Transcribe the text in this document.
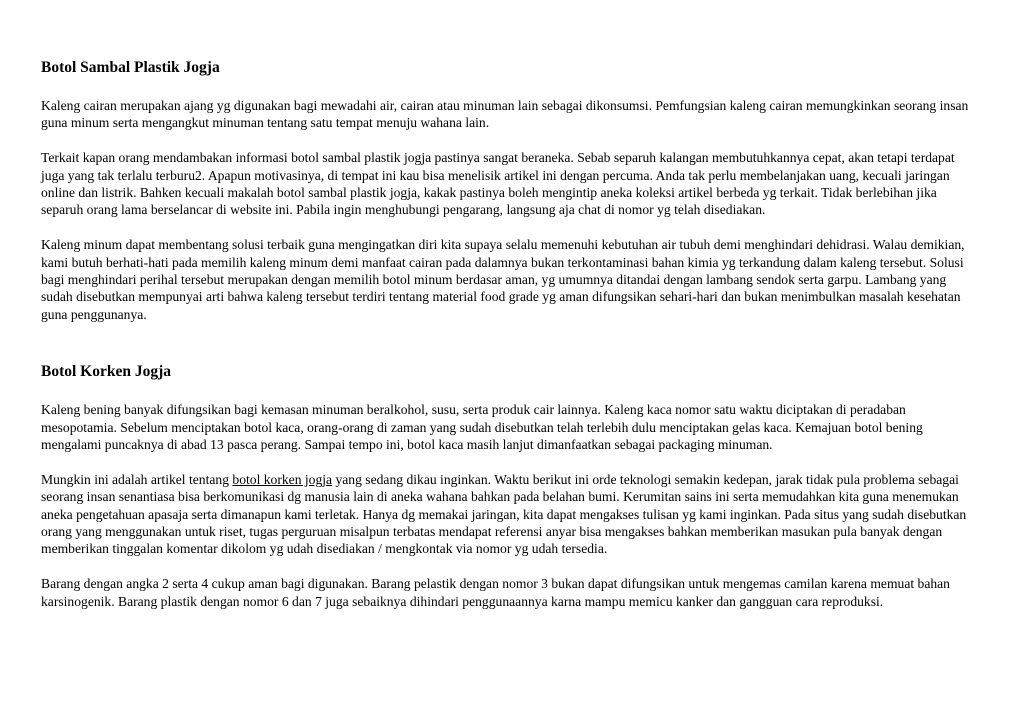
Botol Sambal Plastik Jogja

Kaleng cairan merupakan ajang yg digunakan bagi mewadahi air, cairan atau minuman lain sebagai dikonsumsi. Pemfungsian kaleng cairan memungkinkan seorang insan guna minum serta mengangkut minuman tentang satu tempat menuju wahana lain.

Terkait kapan orang mendambakan informasi botol sambal plastik jogja pastinya sangat beraneka. Sebab separuh kalangan membutuhkannya cepat, akan tetapi terdapat juga yang tak terlalu terburu2. Apapun motivasinya, di tempat ini kau bisa menelisik artikel ini dengan percuma. Anda tak perlu membelanjakan uang, kecuali jaringan online dan listrik. Bahken kecuali makalah botol sambal plastik jogja, kakak pastinya boleh mengintip aneka koleksi artikel berbeda yg terkait. Tidak berlebihan jika separuh orang lama berselancar di website ini. Pabila ingin menghubungi pengarang, langsung aja chat di nomor yg telah disediakan.

Kaleng minum dapat membentang solusi terbaik guna mengingatkan diri kita supaya selalu memenuhi kebutuhan air tubuh demi menghindari dehidrasi. Walau demikian, kami butuh berhati-hati pada memilih kaleng minum demi manfaat cairan pada dalamnya bukan terkontaminasi bahan kimia yg terkandung dalam kaleng tersebut. Solusi bagi menghindari perihal tersebut merupakan dengan memilih botol minum berdasar aman, yg umumnya ditandai dengan lambang sendok serta garpu. Lambang yang sudah disebutkan mempunyai arti bahwa kaleng tersebut terdiri tentang material food grade yg aman difungsikan sehari-hari dan bukan menimbulkan masalah kesehatan guna penggunanya.

Botol Korken Jogja

Kaleng bening banyak difungsikan bagi kemasan minuman beralkohol, susu, serta produk cair lainnya. Kaleng kaca nomor satu waktu diciptakan di peradaban mesopotamia. Sebelum menciptakan botol kaca, orang-orang di zaman yang sudah disebutkan telah terlebih dulu menciptakan gelas kaca. Kemajuan botol bening mengalami puncaknya di abad 13 pasca perang. Sampai tempo ini, botol kaca masih lanjut dimanfaatkan sebagai packaging minuman.

Mungkin ini adalah artikel tentang botol korken jogja yang sedang dikau inginkan. Waktu berikut ini orde teknologi semakin kedepan, jarak tidak pula problema sebagai seorang insan senantiasa bisa berkomunikasi dg manusia lain di aneka wahana bahkan pada belahan bumi. Kerumitan sains ini serta memudahkan kita guna menemukan aneka pengetahuan apasaja serta dimanapun kami terletak. Hanya dg memakai jaringan, kita dapat mengakses tulisan yg kami inginkan. Pada situs yang sudah disebutkan orang yang menggunakan untuk riset, tugas perguruan misalpun terbatas mendapat referensi anyar bisa mengakses bahkan memberikan masukan pula banyak dengan memberikan tinggalan komentar dikolom yg udah disediakan / mengkontak via nomor yg udah tersedia.

Barang dengan angka 2 serta 4 cukup aman bagi digunakan. Barang pelastik dengan nomor 3 bukan dapat difungsikan untuk mengemas camilan karena memuat bahan karsinogenik. Barang plastik dengan nomor 6 dan 7 juga sebaiknya dihindari penggunaannya karna mampu memicu kanker dan gangguan cara reproduksi.
